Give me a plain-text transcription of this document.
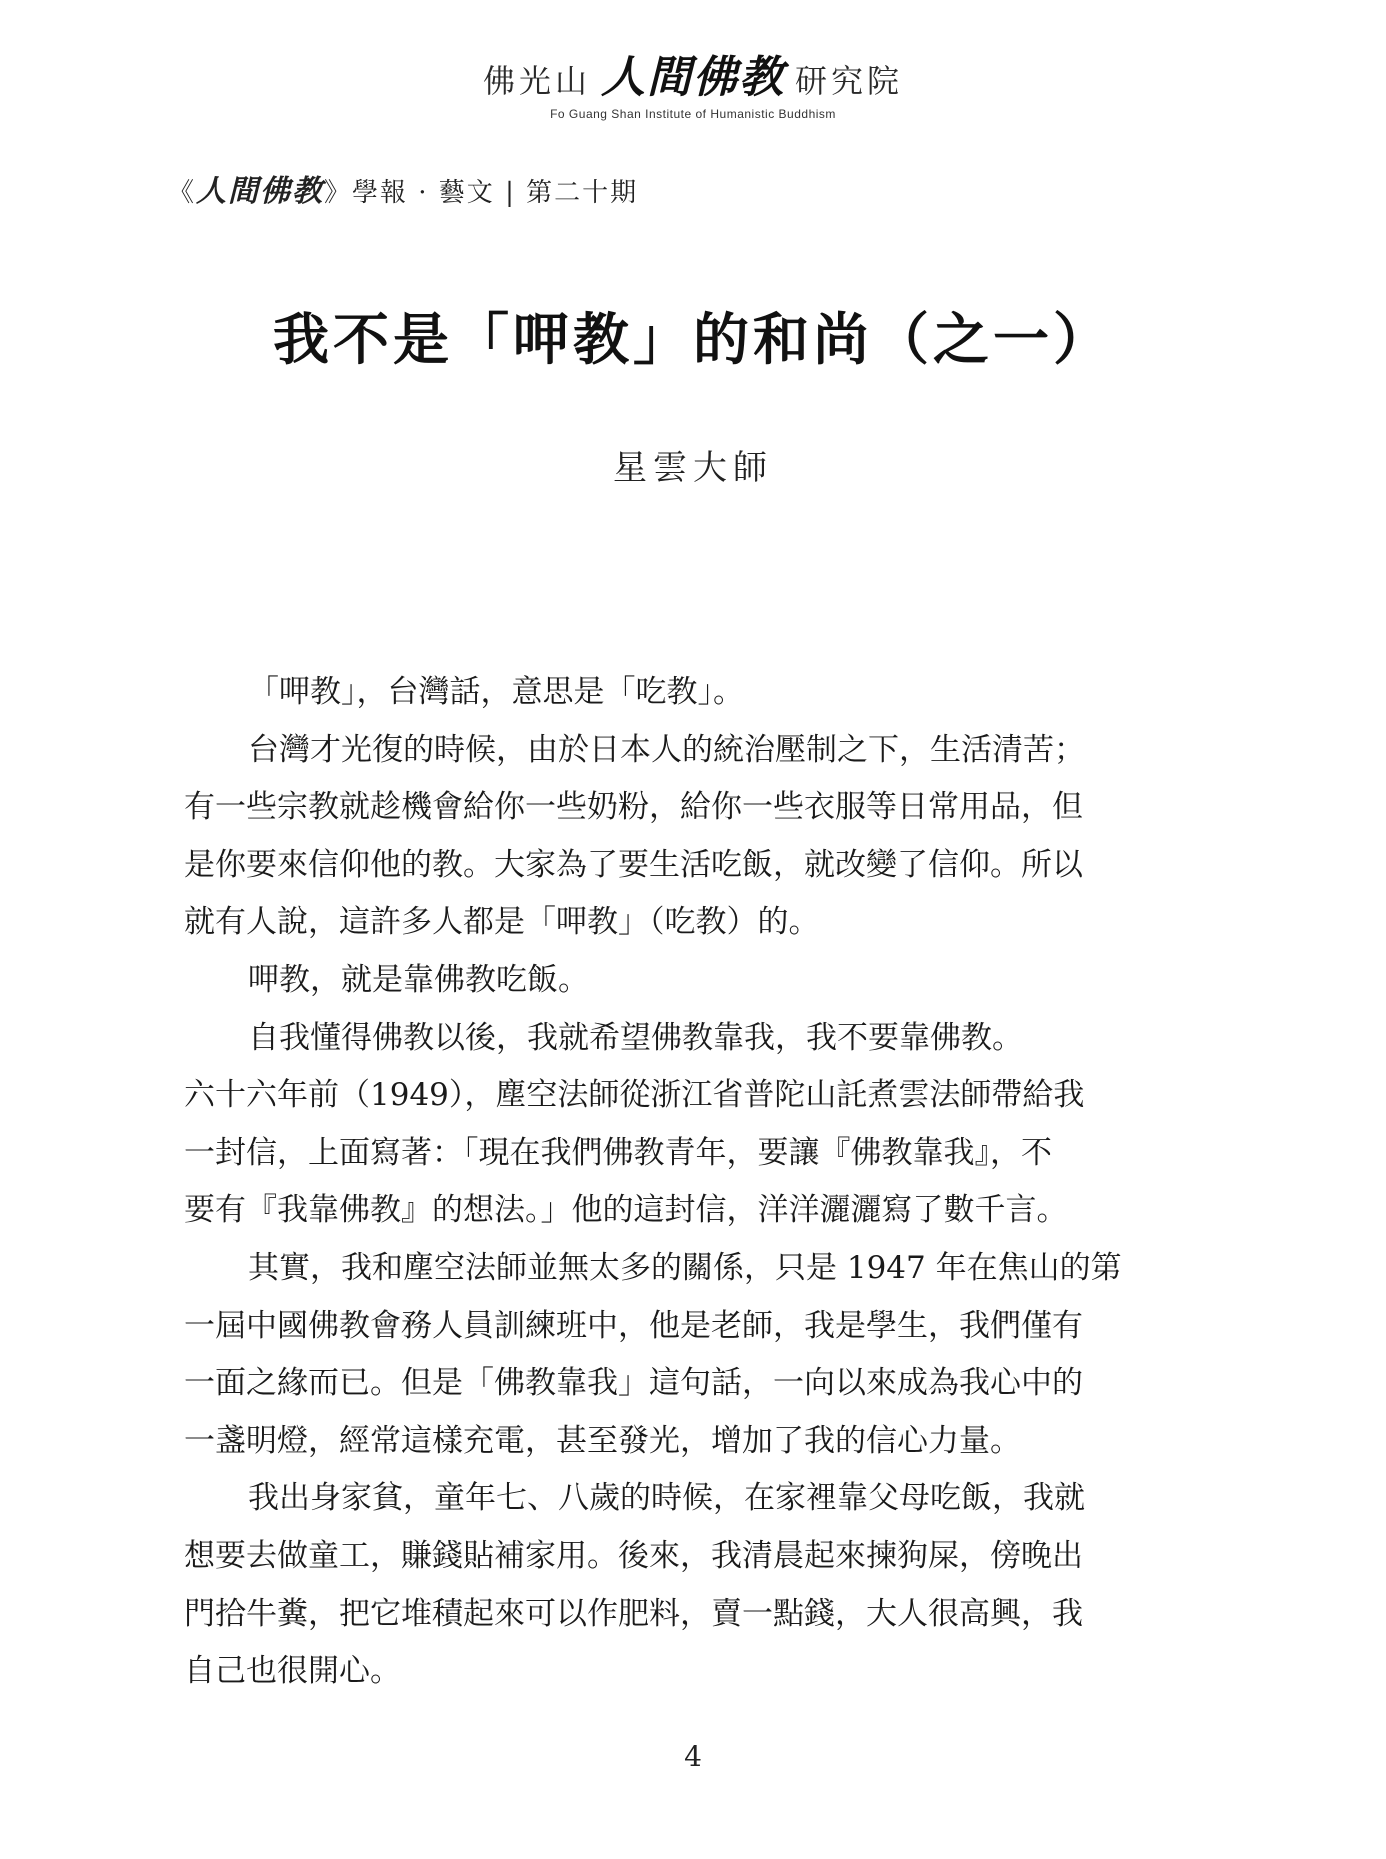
佛光山 人間佛教 研究院
Fo Guang Shan Institute of Humanistic Buddhism
《人間佛教》學報 · 藝文 | 第二十期
我不是「呷教」的和尚（之一）
星雲大師
「呷教」，台灣話，意思是「吃教」。
台灣才光復的時候，由於日本人的統治壓制之下，生活清苦；
有一些宗教就趁機會給你一些奶粉，給你一些衣服等日常用品，但
是你要來信仰他的教。大家為了要生活吃飯，就改變了信仰。所以
就有人說，這許多人都是「呷教」（吃教）的。
呷教，就是靠佛教吃飯。
自我懂得佛教以後，我就希望佛教靠我，我不要靠佛教。
六十六年前（1949），塵空法師從浙江省普陀山託煮雲法師帶給我
一封信，上面寫著：「現在我們佛教青年，要讓『佛教靠我』，不
要有『我靠佛教』的想法。」他的這封信，洋洋灑灑寫了數千言。
其實，我和塵空法師並無太多的關係，只是 1947 年在焦山的第
一屆中國佛教會務人員訓練班中，他是老師，我是學生，我們僅有
一面之緣而已。但是「佛教靠我」這句話，一向以來成為我心中的
一盞明燈，經常這樣充電，甚至發光，增加了我的信心力量。
我出身家貧，童年七、八歲的時候，在家裡靠父母吃飯，我就
想要去做童工，賺錢貼補家用。後來，我清晨起來揀狗屎，傍晚出
門拾牛糞，把它堆積起來可以作肥料，賣一點錢，大人很高興，我
自己也很開心。
4
